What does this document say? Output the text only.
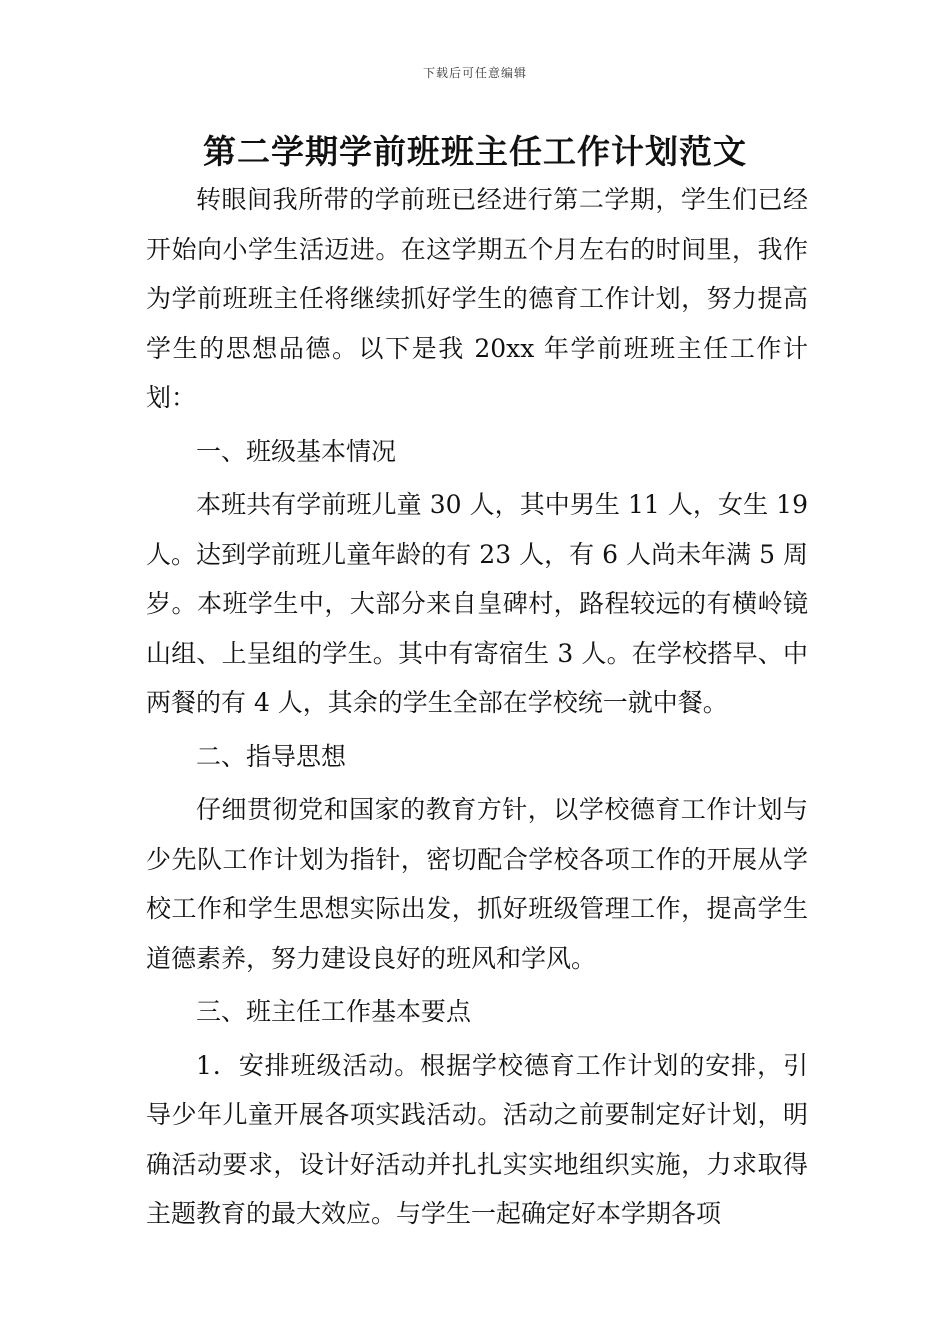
下载后可任意编辑
第二学期学前班班主任工作计划范文

转眼间我所带的学前班已经进行第二学期，学生们已经开始向小学生活迈进。在这学期五个月左右的时间里，我作为学前班班主任将继续抓好学生的德育工作计划，努力提高学生的思想品德。以下是我 20xx 年学前班班主任工作计划：

一、班级基本情况

本班共有学前班儿童 30 人，其中男生 11 人，女生 19 人。达到学前班儿童年龄的有 23 人，有 6 人尚未年满 5 周岁。本班学生中，大部分来自皇碑村，路程较远的有横岭镜山组、上呈组的学生。其中有寄宿生 3 人。在学校搭早、中两餐的有 4 人，其余的学生全部在学校统一就中餐。

二、指导思想

仔细贯彻党和国家的教育方针，以学校德育工作计划与少先队工作计划为指针，密切配合学校各项工作的开展从学校工作和学生思想实际出发，抓好班级管理工作，提高学生道德素养，努力建设良好的班风和学风。

三、班主任工作基本要点

1．安排班级活动。根据学校德育工作计划的安排，引导少年儿童开展各项实践活动。活动之前要制定好计划，明确活动要求，设计好活动并扎扎实实地组织实施，力求取得主题教育的最大效应。与学生一起确定好本学期各项
